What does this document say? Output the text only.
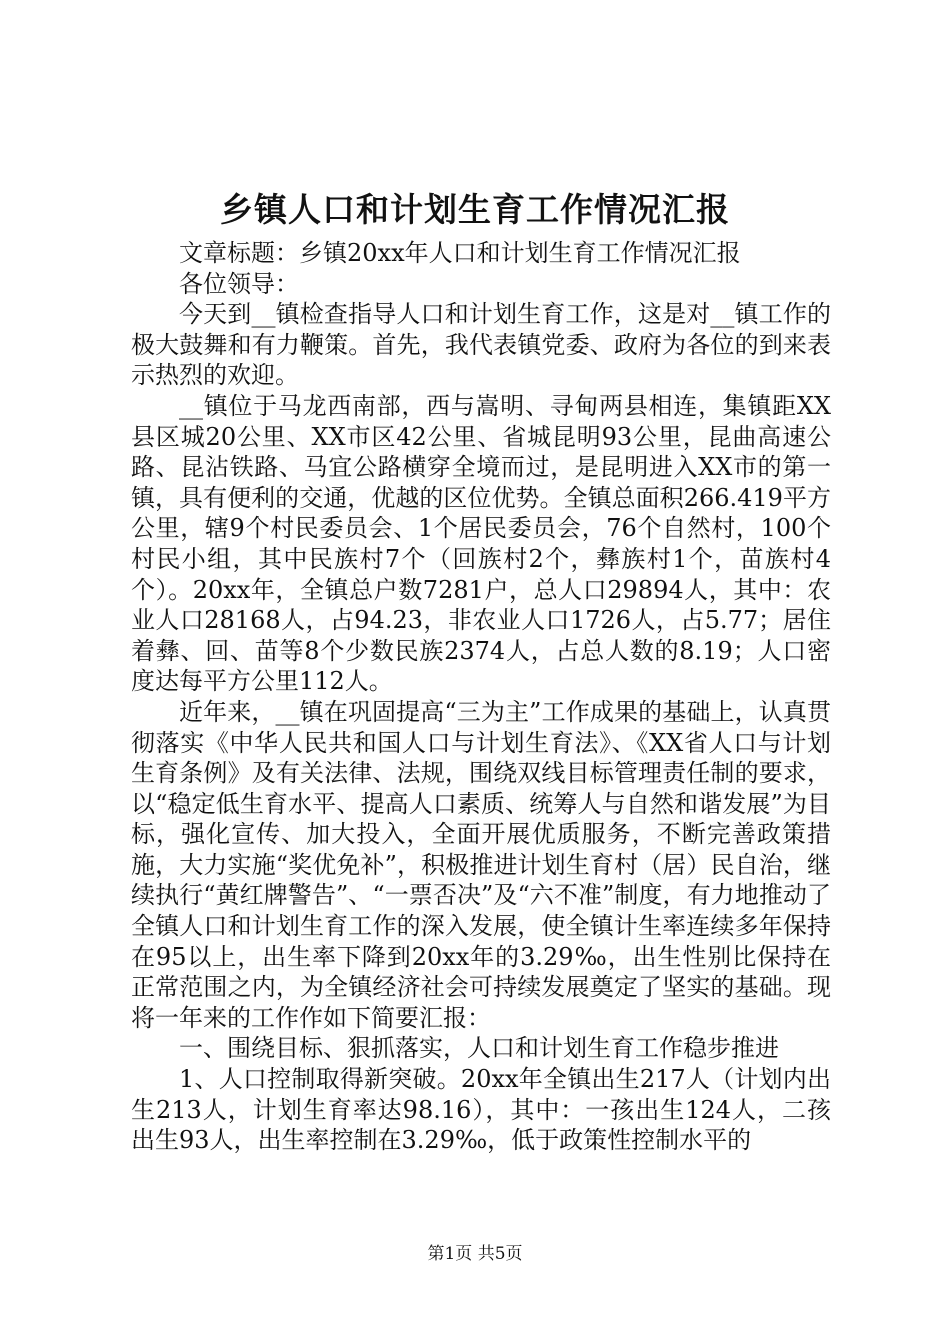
乡镇人口和计划生育工作情况汇报

文章标题：乡镇20xx年人口和计划生育工作情况汇报

各位领导：

今天到__镇检查指导人口和计划生育工作，这是对__镇工作的极大鼓舞和有力鞭策。首先，我代表镇党委、政府为各位的到来表示热烈的欢迎。

__镇位于马龙西南部，西与嵩明、寻甸两县相连，集镇距XX县区城20公里、XX市区42公里、省城昆明93公里，昆曲高速公路、昆沾铁路、马宜公路横穿全境而过，是昆明进入XX市的第一镇，具有便利的交通，优越的区位优势。全镇总面积266.419平方公里，辖9个村民委员会、1个居民委员会，76个自然村，100个村民小组，其中民族村7个（回族村2个，彝族村1个，苗族村4个）。20xx年，全镇总户数7281户，总人口29894人，其中：农业人口28168人，占94.23，非农业人口1726人，占5.77；居住着彝、回、苗等8个少数民族2374人，占总人数的8.19；人口密度达每平方公里112人。

近年来，__镇在巩固提高“三为主”工作成果的基础上，认真贯彻落实《中华人民共和国人口与计划生育法》、《XX省人口与计划生育条例》及有关法律、法规，围绕双线目标管理责任制的要求，以“稳定低生育水平、提高人口素质、统筹人与自然和谐发展”为目标，强化宣传、加大投入，全面开展优质服务，不断完善政策措施，大力实施“奖优免补”，积极推进计划生育村（居）民自治，继续执行“黄红牌警告”、“一票否决”及“六不准”制度，有力地推动了全镇人口和计划生育工作的深入发展，使全镇计生率连续多年保持在95以上，出生率下降到20xx年的3.29‰，出生性别比保持在正常范围之内，为全镇经济社会可持续发展奠定了坚实的基础。现将一年来的工作作如下简要汇报：

一、围绕目标、狠抓落实，人口和计划生育工作稳步推进

1、人口控制取得新突破。20xx年全镇出生217人（计划内出生213人，计划生育率达98.16），其中：一孩出生124人，二孩出生93人，出生率控制在3.29‰，低于政策性控制水平的

第1页 共5页
